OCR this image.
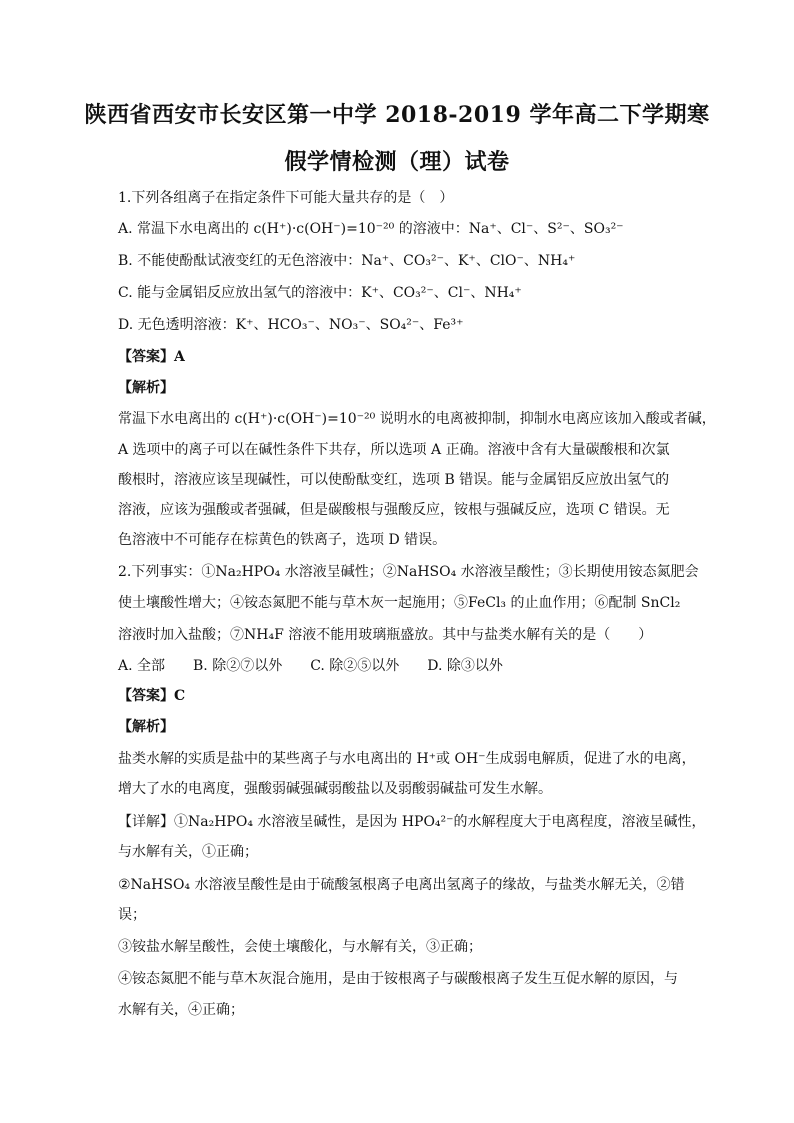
陕西省西安市长安区第一中学 2018-2019 学年高二下学期寒
假学情检测（理）试卷
1.下列各组离子在指定条件下可能大量共存的是（　）
A. 常温下水电离出的 c(H⁺)·c(OH⁻)=10⁻²⁰ 的溶液中：Na⁺、Cl⁻、S²⁻、SO₃²⁻
B. 不能使酚酞试液变红的无色溶液中：Na⁺、CO₃²⁻、K⁺、ClO⁻、NH₄⁺
C. 能与金属铝反应放出氢气的溶液中：K⁺、CO₃²⁻、Cl⁻、NH₄⁺
D. 无色透明溶液：K⁺、HCO₃⁻、NO₃⁻、SO₄²⁻、Fe³⁺
【答案】A
【解析】
常温下水电离出的 c(H⁺)·c(OH⁻)=10⁻²⁰ 说明水的电离被抑制，抑制水电离应该加入酸或者碱，
A 选项中的离子可以在碱性条件下共存，所以选项 A 正确。溶液中含有大量碳酸根和次氯
酸根时，溶液应该呈现碱性，可以使酚酞变红，选项 B 错误。能与金属铝反应放出氢气的
溶液，应该为强酸或者强碱，但是碳酸根与强酸反应，铵根与强碱反应，选项 C 错误。无
色溶液中不可能存在棕黄色的铁离子，选项 D 错误。
2.下列事实：①Na₂HPO₄ 水溶液呈碱性；②NaHSO₄ 水溶液呈酸性；③长期使用铵态氮肥会
使土壤酸性增大；④铵态氮肥不能与草木灰一起施用；⑤FeCl₃ 的止血作用；⑥配制 SnCl₂
溶液时加入盐酸；⑦NH₄F 溶液不能用玻璃瓶盛放。其中与盐类水解有关的是（　　）
A. 全部　　B. 除②⑦以外　　C. 除②⑤以外　　D. 除③以外
【答案】C
【解析】
盐类水解的实质是盐中的某些离子与水电离出的 H⁺或 OH⁻生成弱电解质，促进了水的电离，
增大了水的电离度，强酸弱碱强碱弱酸盐以及弱酸弱碱盐可发生水解。
【详解】①Na₂HPO₄ 水溶液呈碱性，是因为 HPO₄²⁻的水解程度大于电离程度，溶液呈碱性，
与水解有关，①正确；
②NaHSO₄ 水溶液呈酸性是由于硫酸氢根离子电离出氢离子的缘故，与盐类水解无关，②错
误；
③铵盐水解呈酸性，会使土壤酸化，与水解有关，③正确；
④铵态氮肥不能与草木灰混合施用，是由于铵根离子与碳酸根离子发生互促水解的原因，与
水解有关，④正确；
